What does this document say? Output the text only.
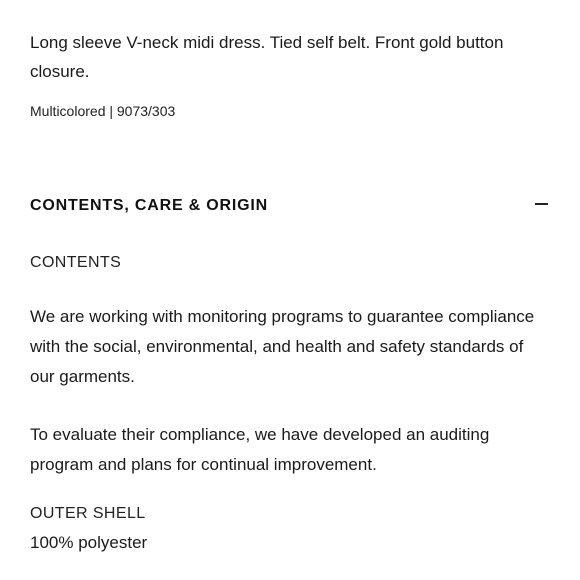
Long sleeve V-neck midi dress. Tied self belt. Front gold button closure.

Multicolored | 9073/303

CONTENTS, CARE & ORIGIN

CONTENTS

We are working with monitoring programs to guarantee compliance with the social, environmental, and health and safety standards of our garments.

To evaluate their compliance, we have developed an auditing program and plans for continual improvement.

OUTER SHELL

100% polyester
